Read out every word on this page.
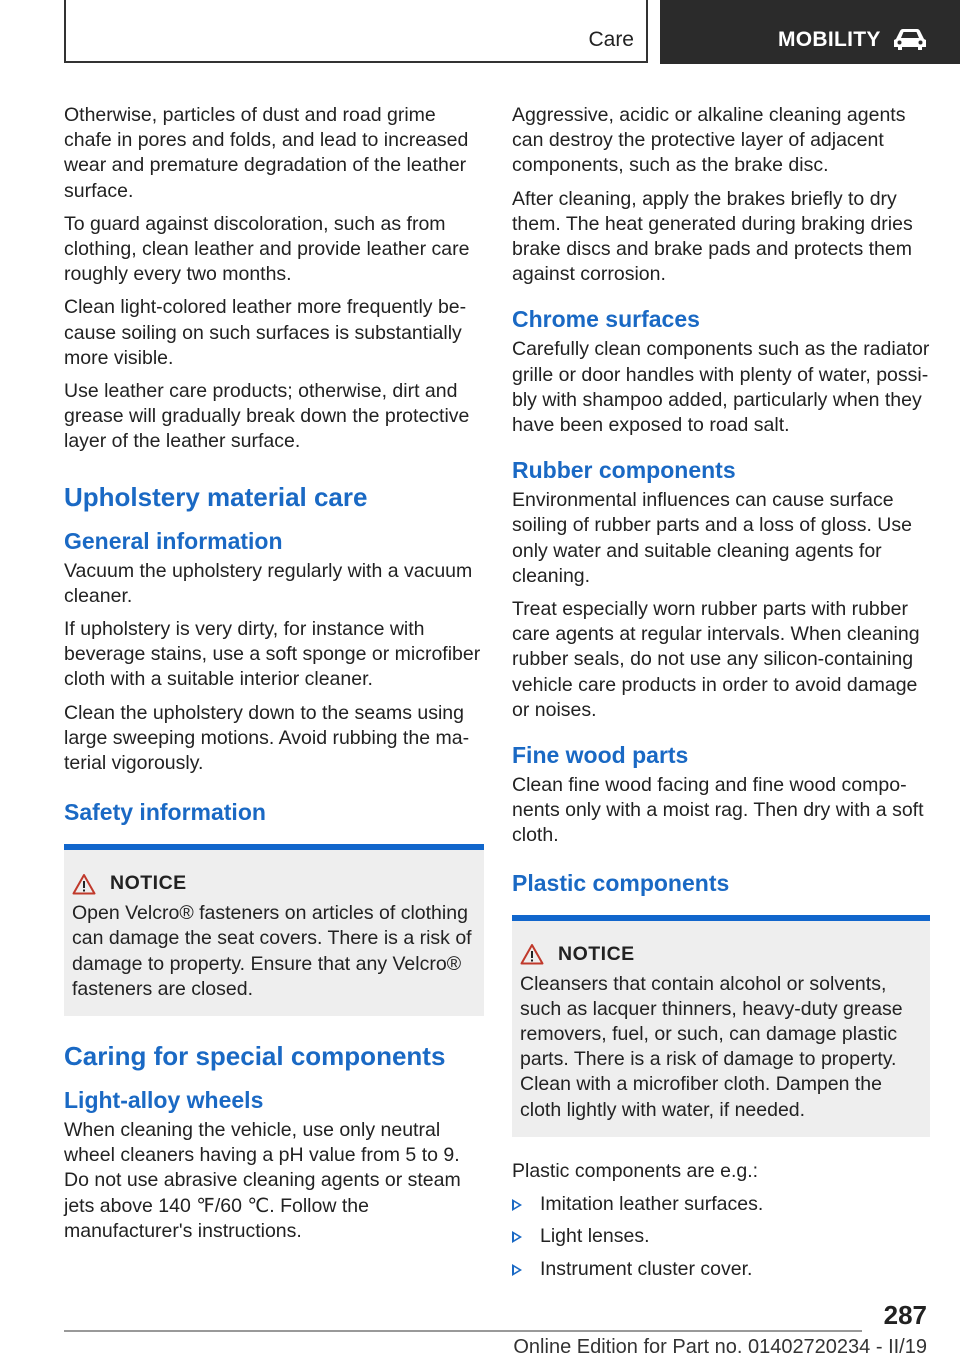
Care	MOBILITY

Otherwise, particles of dust and road grime chafe in pores and folds, and lead to increased wear and premature degradation of the leather surface.

To guard against discoloration, such as from clothing, clean leather and provide leather care roughly every two months.

Clean light-colored leather more frequently because soiling on such surfaces is substantially more visible.

Use leather care products; otherwise, dirt and grease will gradually break down the protective layer of the leather surface.

Upholstery material care
General information

Vacuum the upholstery regularly with a vacuum cleaner.

If upholstery is very dirty, for instance with beverage stains, use a soft sponge or microfiber cloth with a suitable interior cleaner.

Clean the upholstery down to the seams using large sweeping motions. Avoid rubbing the material vigorously.

Safety information
NOTICE

Open Velcro® fasteners on articles of clothing can damage the seat covers. There is a risk of damage to property. Ensure that any Velcro® fasteners are closed.

Caring for special components
Light-alloy wheels

When cleaning the vehicle, use only neutral wheel cleaners having a pH value from 5 to 9. Do not use abrasive cleaning agents or steam jets above 140 ℉/60 ℃. Follow the manufacturer's instructions.

Aggressive, acidic or alkaline cleaning agents can destroy the protective layer of adjacent components, such as the brake disc.

After cleaning, apply the brakes briefly to dry them. The heat generated during braking dries brake discs and brake pads and protects them against corrosion.

Chrome surfaces

Carefully clean components such as the radiator grille or door handles with plenty of water, possibly with shampoo added, particularly when they have been exposed to road salt.

Rubber components

Environmental influences can cause surface soiling of rubber parts and a loss of gloss. Use only water and suitable cleaning agents for cleaning.

Treat especially worn rubber parts with rubber care agents at regular intervals. When cleaning rubber seals, do not use any silicon-containing vehicle care products in order to avoid damage or noises.

Fine wood parts

Clean fine wood facing and fine wood components only with a moist rag. Then dry with a soft cloth.

Plastic components
NOTICE

Cleansers that contain alcohol or solvents, such as lacquer thinners, heavy-duty grease removers, fuel, or such, can damage plastic parts. There is a risk of damage to property. Clean with a microfiber cloth. Dampen the cloth lightly with water, if needed.

Plastic components are e.g.:

Imitation leather surfaces.
Light lenses.
Instrument cluster cover.
287
Online Edition for Part no. 01402720234 - II/19
